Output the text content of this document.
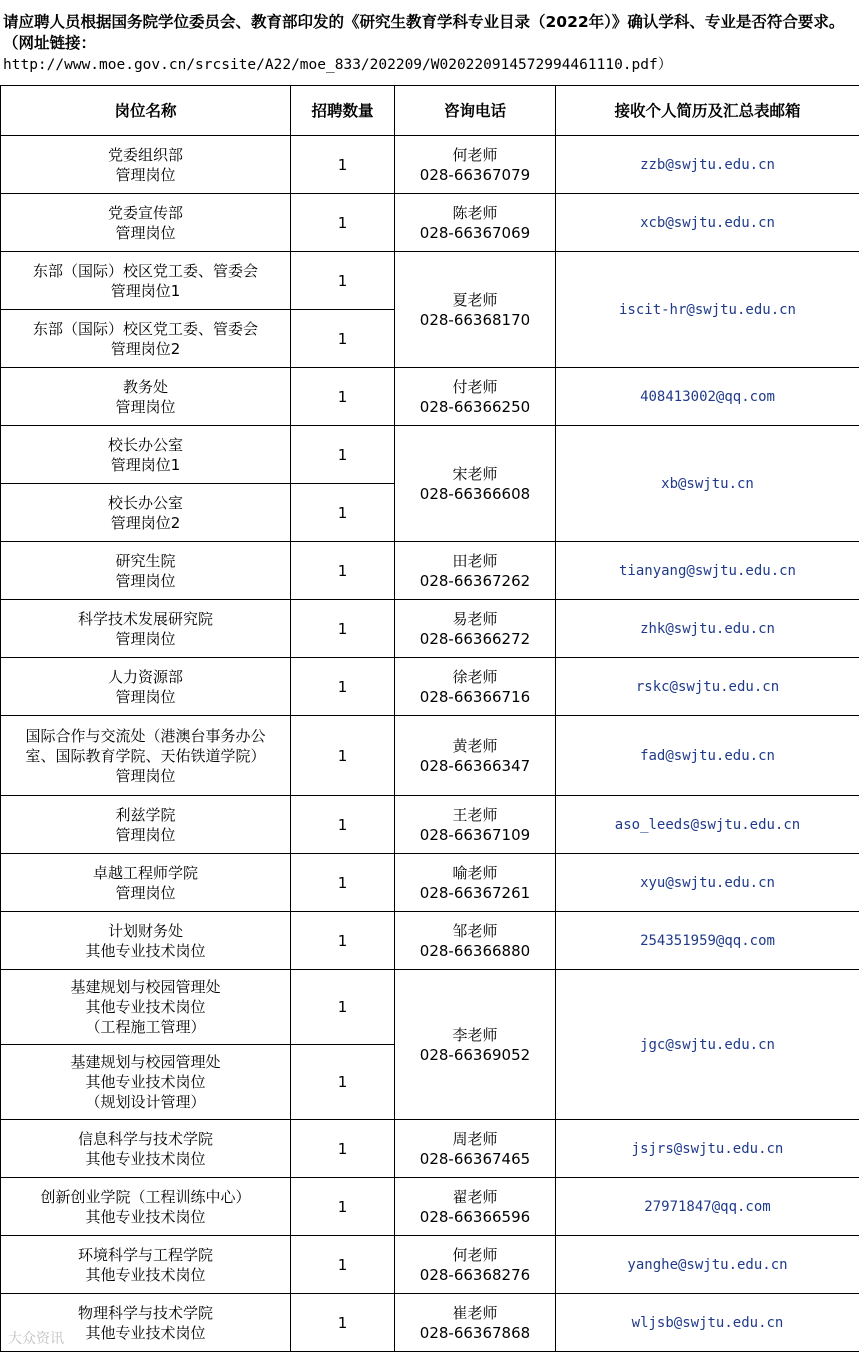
请应聘人员根据国务院学位委员会、教育部印发的《研究生教育学科专业目录（2022年）》确认学科、专业是否符合要求。（网址链接：
http://www.moe.gov.cn/srcsite/A22/moe_833/202209/W020220914572994461110.pdf）
岗位名称	招聘数量	咨询电话	接收个人简历及汇总表邮箱

党委组织部
管理岗位	1	何老师
028-66367079	zzb@swjtu.edu.cn

党委宣传部
管理岗位	1	陈老师
028-66367069	xcb@swjtu.edu.cn

东部（国际）校区党工委、管委会
管理岗位1	1	夏老师
028-66368170	iscit-hr@swjtu.edu.cn

东部（国际）校区党工委、管委会
管理岗位2	1		

教务处
管理岗位	1	付老师
028-66366250	408413002@qq.com

校长办公室
管理岗位1	1	宋老师
028-66366608	xb@swjtu.cn

校长办公室
管理岗位2	1		

研究生院
管理岗位	1	田老师
028-66367262	tianyang@swjtu.edu.cn

科学技术发展研究院
管理岗位	1	易老师
028-66366272	zhk@swjtu.edu.cn

人力资源部
管理岗位	1	徐老师
028-66366716	rskc@swjtu.edu.cn

国际合作与交流处（港澳台事务办公
室、国际教育学院、天佑铁道学院）
管理岗位	1	黄老师
028-66366347	fad@swjtu.edu.cn

利兹学院
管理岗位	1	王老师
028-66367109	aso_leeds@swjtu.edu.cn

卓越工程师学院
管理岗位	1	喻老师
028-66367261	xyu@swjtu.edu.cn

计划财务处
其他专业技术岗位	1	邹老师
028-66366880	254351959@qq.com

基建规划与校园管理处
其他专业技术岗位
（工程施工管理）	1	李老师
028-66369052	jgc@swjtu.edu.cn

基建规划与校园管理处
其他专业技术岗位
（规划设计管理）	1		

信息科学与技术学院
其他专业技术岗位	1	周老师
028-66367465	jsjrs@swjtu.edu.cn

创新创业学院（工程训练中心）
其他专业技术岗位	1	翟老师
028-66366596	27971847@qq.com

环境科学与工程学院
其他专业技术岗位	1	何老师
028-66368276	yanghe@swjtu.edu.cn

物理科学与技术学院
其他专业技术岗位	1	崔老师
028-66367868	wljsb@swjtu.edu.cn
大众资讯
